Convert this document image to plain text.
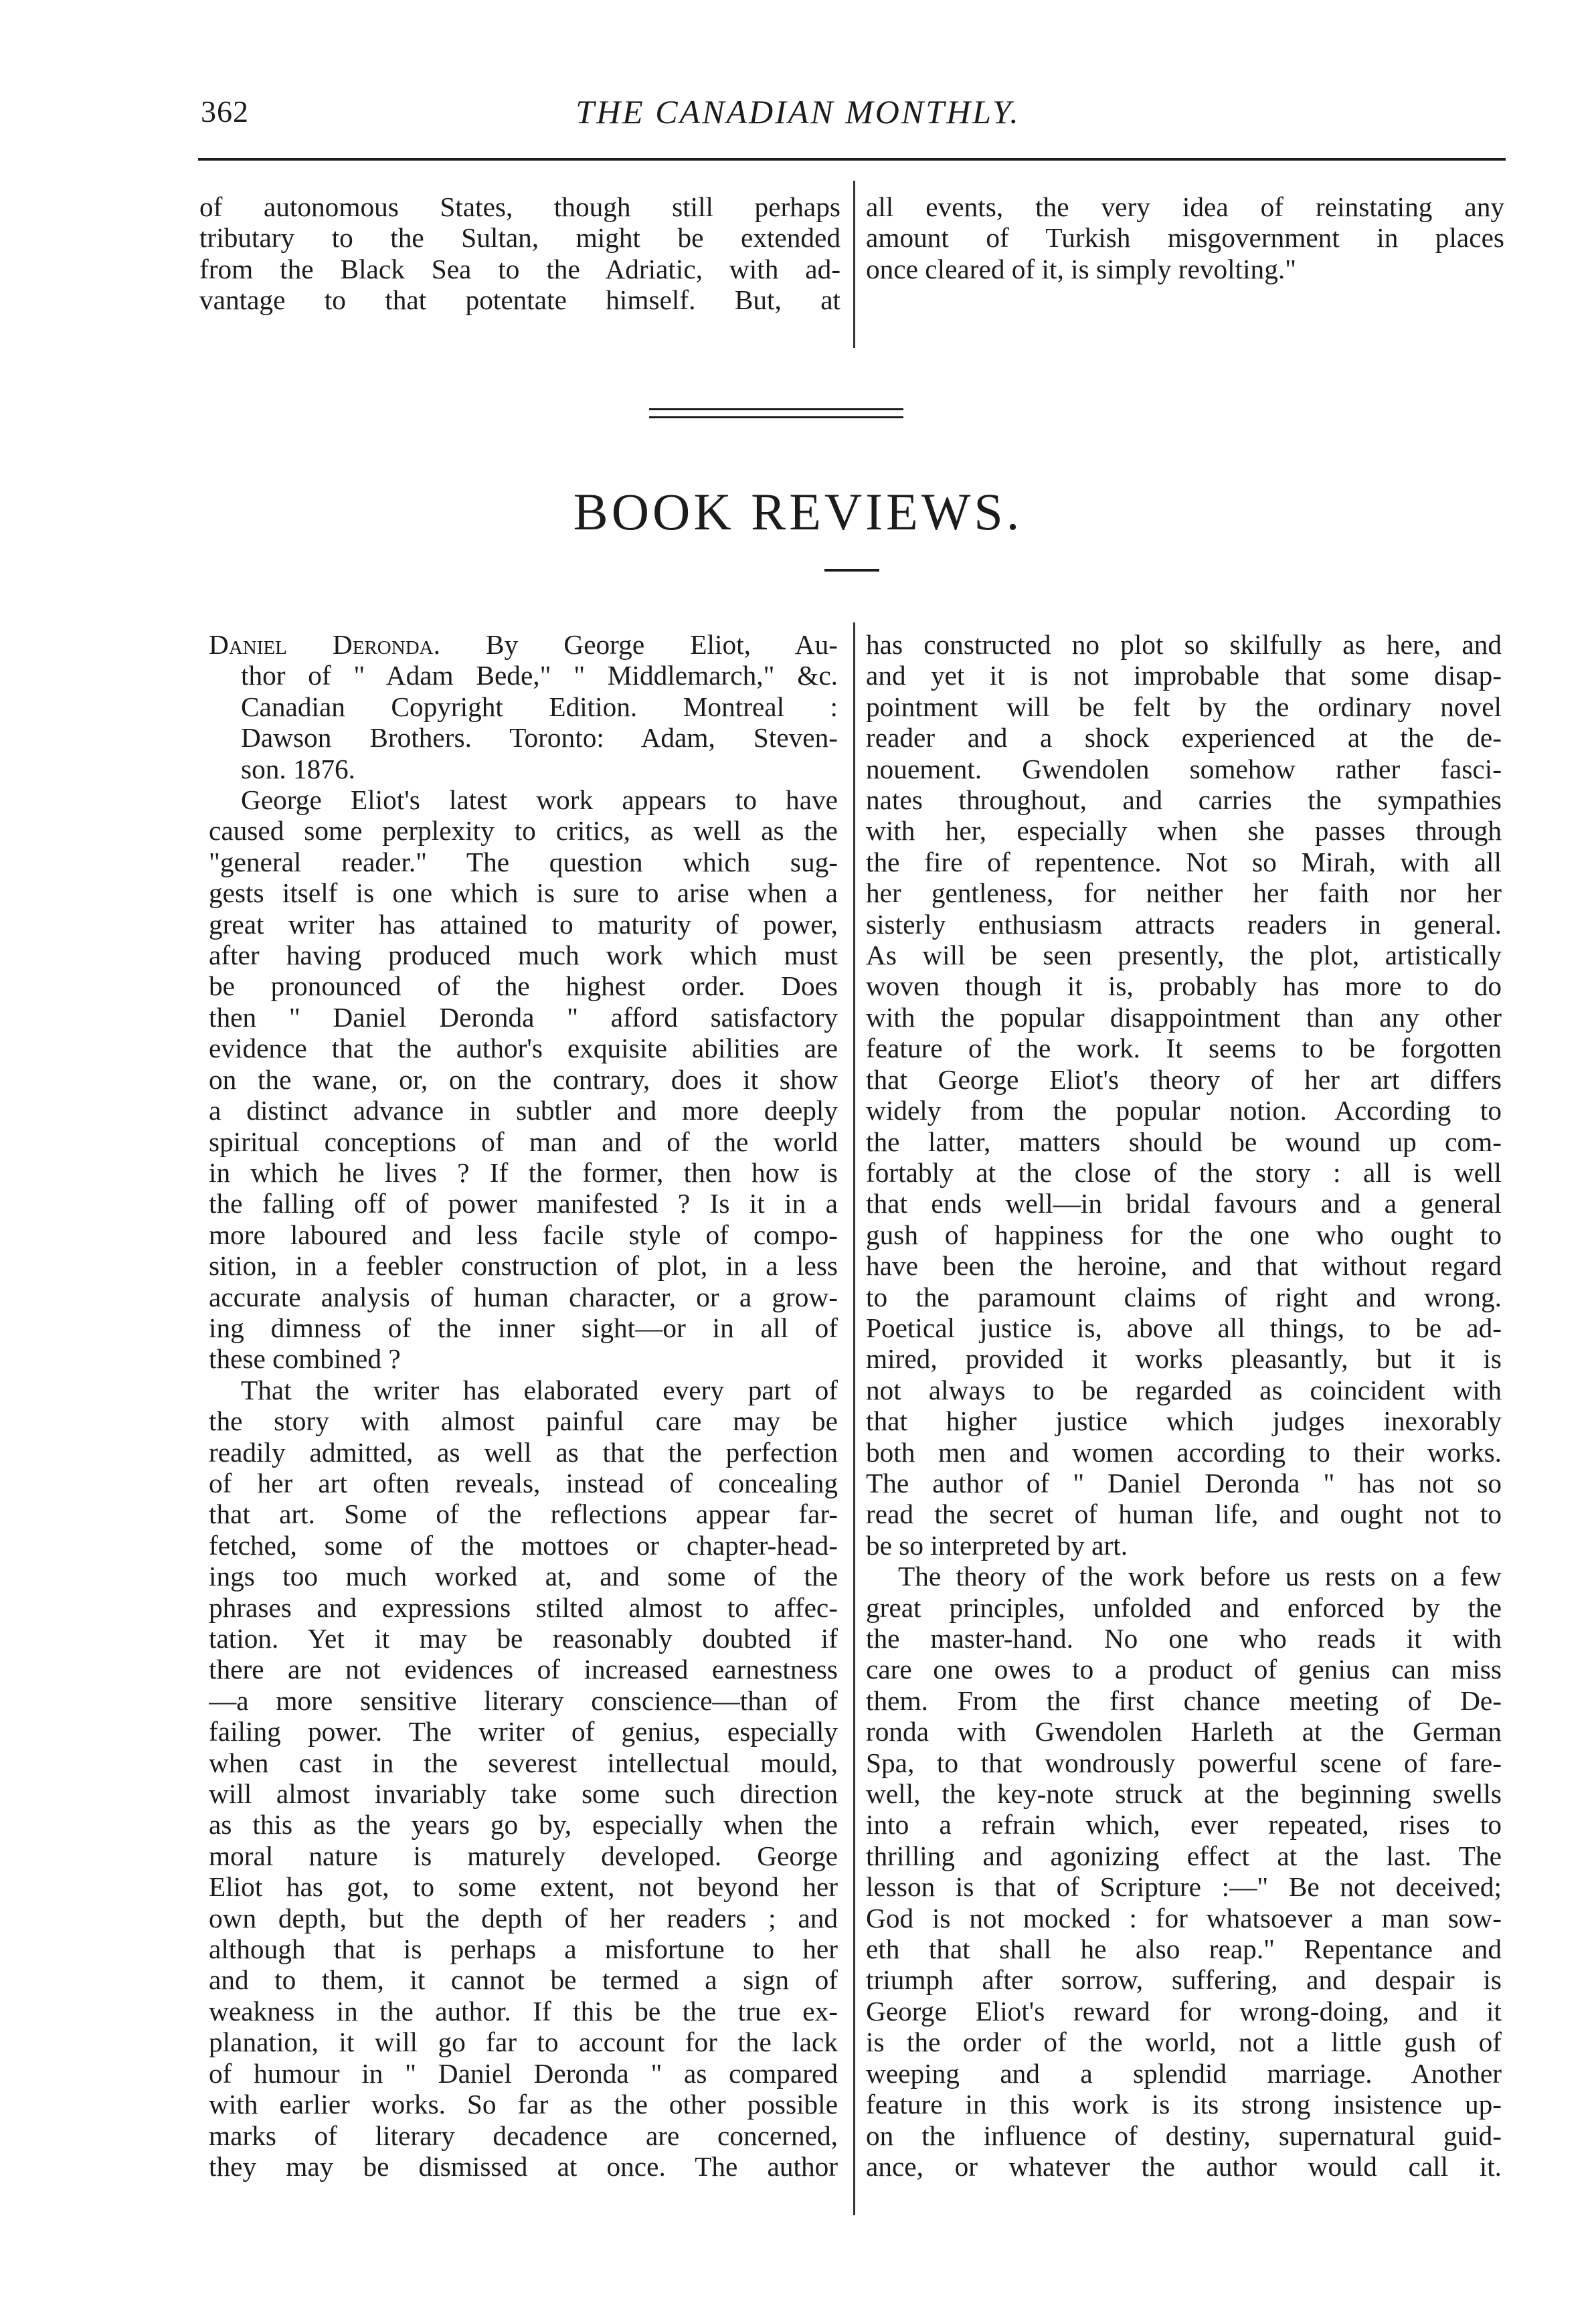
362	THE CANADIAN MONTHLY.
of autonomous States, though still perhaps
tributary to the Sultan, might be extended
from the Black Sea to the Adriatic, with ad-
vantage to that potentate himself. But, at
all events, the very idea of reinstating any
amount of Turkish misgovernment in places
once cleared of it, is simply revolting."
BOOK REVIEWS.
Daniel Deronda. By George Eliot, Au-
thor of " Adam Bede," " Middlemarch," &c.
Canadian Copyright Edition. Montreal :
Dawson Brothers. Toronto: Adam, Steven-
son. 1876.
George Eliot's latest work appears to have
caused some perplexity to critics, as well as the
"general reader." The question which sug-
gests itself is one which is sure to arise when a
great writer has attained to maturity of power,
after having produced much work which must
be pronounced of the highest order. Does
then " Daniel Deronda " afford satisfactory
evidence that the author's exquisite abilities are
on the wane, or, on the contrary, does it show
a distinct advance in subtler and more deeply
spiritual conceptions of man and of the world
in which he lives ? If the former, then how is
the falling off of power manifested ? Is it in a
more laboured and less facile style of compo-
sition, in a feebler construction of plot, in a less
accurate analysis of human character, or a grow-
ing dimness of the inner sight—or in all of
these combined ?
That the writer has elaborated every part of
the story with almost painful care may be
readily admitted, as well as that the perfection
of her art often reveals, instead of concealing
that art. Some of the reflections appear far-
fetched, some of the mottoes or chapter-head-
ings too much worked at, and some of the
phrases and expressions stilted almost to affec-
tation. Yet it may be reasonably doubted if
there are not evidences of increased earnestness
—a more sensitive literary conscience—than of
failing power. The writer of genius, especially
when cast in the severest intellectual mould,
will almost invariably take some such direction
as this as the years go by, especially when the
moral nature is maturely developed. George
Eliot has got, to some extent, not beyond her
own depth, but the depth of her readers ; and
although that is perhaps a misfortune to her
and to them, it cannot be termed a sign of
weakness in the author. If this be the true ex-
planation, it will go far to account for the lack
of humour in " Daniel Deronda " as compared
with earlier works. So far as the other possible
marks of literary decadence are concerned,
they may be dismissed at once. The author
has constructed no plot so skilfully as here, and
and yet it is not improbable that some disap-
pointment will be felt by the ordinary novel
reader and a shock experienced at the de-
nouement. Gwendolen somehow rather fasci-
nates throughout, and carries the sympathies
with her, especially when she passes through
the fire of repentence. Not so Mirah, with all
her gentleness, for neither her faith nor her
sisterly enthusiasm attracts readers in general.
As will be seen presently, the plot, artistically
woven though it is, probably has more to do
with the popular disappointment than any other
feature of the work. It seems to be forgotten
that George Eliot's theory of her art differs
widely from the popular notion. According to
the latter, matters should be wound up com-
fortably at the close of the story : all is well
that ends well—in bridal favours and a general
gush of happiness for the one who ought to
have been the heroine, and that without regard
to the paramount claims of right and wrong.
Poetical justice is, above all things, to be ad-
mired, provided it works pleasantly, but it is
not always to be regarded as coincident with
that higher justice which judges inexorably
both men and women according to their works.
The author of " Daniel Deronda " has not so
read the secret of human life, and ought not to
be so interpreted by art.
The theory of the work before us rests on a few
great principles, unfolded and enforced by the
the master-hand. No one who reads it with
care one owes to a product of genius can miss
them. From the first chance meeting of De-
ronda with Gwendolen Harleth at the German
Spa, to that wondrously powerful scene of fare-
well, the key-note struck at the beginning swells
into a refrain which, ever repeated, rises to
thrilling and agonizing effect at the last. The
lesson is that of Scripture :—" Be not deceived;
God is not mocked : for whatsoever a man sow-
eth that shall he also reap." Repentance and
triumph after sorrow, suffering, and despair is
George Eliot's reward for wrong-doing, and it
is the order of the world, not a little gush of
weeping and a splendid marriage. Another
feature in this work is its strong insistence up-
on the influence of destiny, supernatural guid-
ance, or whatever the author would call it.
